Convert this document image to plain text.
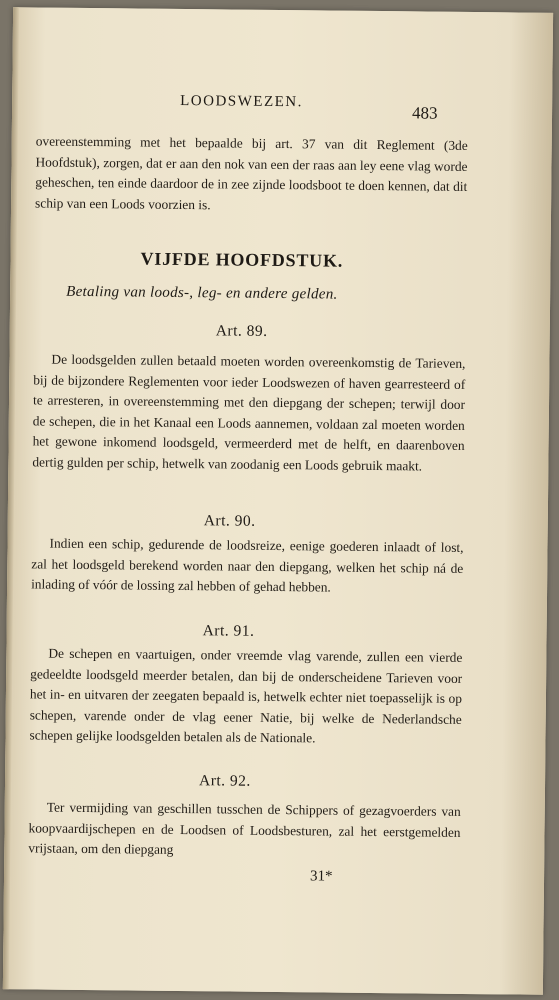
LOODSWEZEN.
483

overeenstemming met het bepaalde bij art. 37 van dit Reglement (3de Hoofdstuk), zorgen, dat er aan den nok van een der raas aan ley eene vlag worde geheschen, ten einde daardoor de in zee zijnde loodsboot te doen kennen, dat dit schip van een Loods voorzien is.

VIJFDE HOOFDSTUK.
Betaling van loods-, leg- en andere gelden.
Art. 89.

De loodsgelden zullen betaald moeten worden overeenkomstig de Tarieven, bij de bijzondere Reglementen voor ieder Loodswezen of haven gearresteerd of te arresteren, in overeenstemming met den diepgang der schepen; terwijl door de schepen, die in het Kanaal een Loods aannemen, voldaan zal moeten worden het gewone inkomend loodsgeld, vermeerderd met de helft, en daarenboven dertig gulden per schip, hetwelk van zoodanig een Loods gebruik maakt.

Art. 90.

Indien een schip, gedurende de loodsreize, eenige goederen inlaadt of lost, zal het loodsgeld berekend worden naar den diepgang, welken het schip ná de inlading of vóór de lossing zal hebben of gehad hebben.

Art. 91.

De schepen en vaartuigen, onder vreemde vlag varende, zullen een vierde gedeeldte loodsgeld meerder betalen, dan bij de onderscheidene Tarieven voor het in- en uitvaren der zeegaten bepaald is, hetwelk echter niet toepasselijk is op schepen, varende onder de vlag eener Natie, bij welke de Nederlandsche schepen gelijke loodsgelden betalen als de Nationale.

Art. 92.

Ter vermijding van geschillen tusschen de Schippers of gezagvoerders van koopvaardijschepen en de Loodsen of Loodsbesturen, zal het eerstgemelden vrijstaan, om den diepgang

31*
